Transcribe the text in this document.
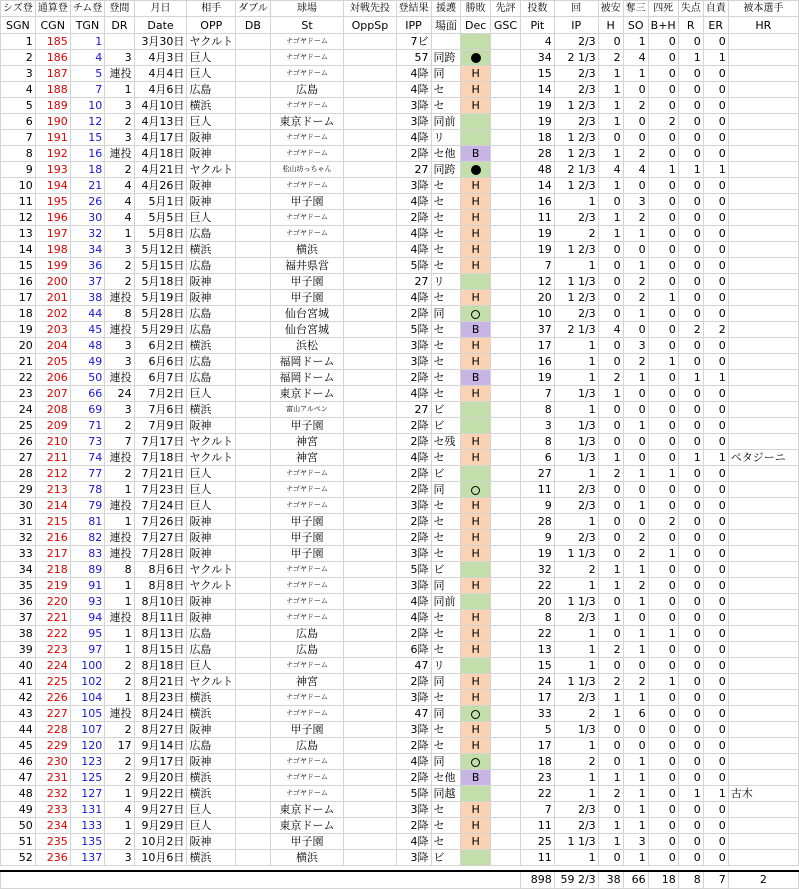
シズ登	通算登	チム登	登間	月日	相手	ダブル	球場	対戦先投	登結果	援護	勝敗	先評	投数	回	被安	奪三	四死	失点	自責	被本選手
SGN	CGN	TGN	DR	Date	OPP	DB	St	OppSp	IPP	場面	Dec	GSC	Pit	IP	H	SO	B+H	R	ER	HR
1	185	1		3月30日	ヤクルト		ナゴヤドーム		7ビ				4	2/3	0	1	0	0	0	
2	186	4	3	4月3日	巨人		ナゴヤドーム		57	同跨			34	2 1/3	2	4	0	1	1	
3	187	5	連投	4月4日	巨人		ナゴヤドーム		4降	同	H		15	2/3	1	1	0	0	0	
4	188	7	1	4月6日	広島		広島		4降	セ	H		14	2/3	1	0	0	0	0	
5	189	10	3	4月10日	横浜		ナゴヤドーム		3降	セ	H		19	1 2/3	1	2	0	0	0	
6	190	12	2	4月13日	巨人		東京ドーム		3降	同前			19	2/3	1	0	2	0	0	
7	191	15	3	4月17日	阪神		ナゴヤドーム		4降	リ			18	1 2/3	0	0	0	0	0	
8	192	16	連投	4月18日	阪神		ナゴヤドーム		2降	セ他	B		28	1 2/3	1	2	0	0	0	
9	193	18	2	4月21日	ヤクルト		松山坊っちゃん		27	同跨			48	2 1/3	4	4	1	1	1	
10	194	21	4	4月26日	阪神		ナゴヤドーム		3降	セ	H		14	1 2/3	1	0	0	0	0	
11	195	26	4	5月1日	阪神		甲子園		4降	セ	H		16	1	0	3	0	0	0	
12	196	30	4	5月5日	巨人		ナゴヤドーム		2降	セ	H		11	2/3	1	2	0	0	0	
13	197	32	1	5月8日	広島		ナゴヤドーム		4降	セ	H		19	2	1	1	0	0	0	
14	198	34	3	5月12日	横浜		横浜		4降	セ	H		19	1 2/3	0	0	0	0	0	
15	199	36	2	5月15日	広島		福井県営		5降	セ	H		7	1	0	1	0	0	0	
16	200	37	2	5月18日	阪神		甲子園		27	リ			12	1 1/3	0	2	0	0	0	
17	201	38	連投	5月19日	阪神		甲子園		4降	セ	H		20	1 2/3	0	2	1	0	0	
18	202	44	8	5月28日	広島		仙台宮城		2降	同			10	2/3	0	1	0	0	0	
19	203	45	連投	5月29日	広島		仙台宮城		5降	セ	B		37	2 1/3	4	0	0	2	2	
20	204	48	3	6月2日	横浜		浜松		3降	セ	H		17	1	0	3	0	0	0	
21	205	49	3	6月6日	広島		福岡ドーム		3降	セ	H		16	1	0	2	1	0	0	
22	206	50	連投	6月7日	広島		福岡ドーム		2降	セ	B		19	1	2	1	0	1	1	
23	207	66	24	7月2日	巨人		東京ドーム		4降	セ	H		7	1/3	1	0	0	0	0	
24	208	69	3	7月6日	横浜		富山アルペン		27	ビ			8	1	0	0	0	0	0	
25	209	71	2	7月9日	阪神		甲子園		2降	ビ			3	1/3	0	1	0	0	0	
26	210	73	7	7月17日	ヤクルト		神宮		2降	セ残	H		8	1/3	0	0	0	0	0	
27	211	74	連投	7月18日	ヤクルト		神宮		4降	セ	H		6	1/3	1	0	0	1	1	ペタジーニ
28	212	77	2	7月21日	巨人		ナゴヤドーム		2降	ビ			27	1	2	1	1	0	0	
29	213	78	1	7月23日	巨人		ナゴヤドーム		2降	同			11	2/3	0	0	0	0	0	
30	214	79	連投	7月24日	巨人		ナゴヤドーム		3降	セ	H		9	2/3	0	1	0	0	0	
31	215	81	1	7月26日	阪神		甲子園		2降	セ	H		28	1	0	0	2	0	0	
32	216	82	連投	7月27日	阪神		甲子園		2降	セ	H		9	2/3	0	2	0	0	0	
33	217	83	連投	7月28日	阪神		甲子園		3降	セ	H		19	1 1/3	0	2	1	0	0	
34	218	89	8	8月6日	ヤクルト		ナゴヤドーム		5降	ビ			32	2	1	1	0	0	0	
35	219	91	1	8月8日	ヤクルト		ナゴヤドーム		3降	同	H		22	1	1	2	0	0	0	
36	220	93	1	8月10日	阪神		ナゴヤドーム		4降	同前			20	1 1/3	0	1	0	0	0	
37	221	94	連投	8月11日	阪神		ナゴヤドーム		4降	セ	H		8	2/3	1	0	0	0	0	
38	222	95	1	8月13日	広島		広島		2降	セ	H		22	1	0	1	1	0	0	
39	223	97	1	8月15日	広島		広島		6降	セ	H		13	1	2	1	0	0	0	
40	224	100	2	8月18日	巨人		ナゴヤドーム		47	リ			15	1	0	0	0	0	0	
41	225	102	2	8月21日	ヤクルト		神宮		2降	同	H		24	1 1/3	2	2	1	0	0	
42	226	104	1	8月23日	横浜		ナゴヤドーム		3降	セ	H		17	2/3	1	1	0	0	0	
43	227	105	連投	8月24日	横浜		ナゴヤドーム		47	同			33	2	1	6	0	0	0	
44	228	107	2	8月27日	阪神		甲子園		3降	セ	H		5	1/3	0	0	0	0	0	
45	229	120	17	9月14日	広島		広島		2降	セ	H		17	1	0	0	0	0	0	
46	230	123	2	9月17日	阪神		ナゴヤドーム		4降	同			18	2	0	1	0	0	0	
47	231	125	2	9月20日	横浜		ナゴヤドーム		2降	セ他	B		23	1	1	1	0	0	0	
48	232	127	1	9月22日	横浜		ナゴヤドーム		5降	同越			22	1	2	1	0	1	1	古木
49	233	131	4	9月27日	巨人		東京ドーム		3降	セ	H		7	2/3	0	1	0	0	0	
50	234	133	1	9月29日	巨人		東京ドーム		2降	セ	H		11	2/3	1	1	0	0	0	
51	235	135	2	10月2日	阪神		甲子園		4降	セ	H		25	1 1/3	1	3	0	0	0	
52	236	137	3	10月6日	横浜		横浜		3降	ビ			11	1	0	1	0	0	0	

													898	59 2/3	38	66	18	8	7	2
